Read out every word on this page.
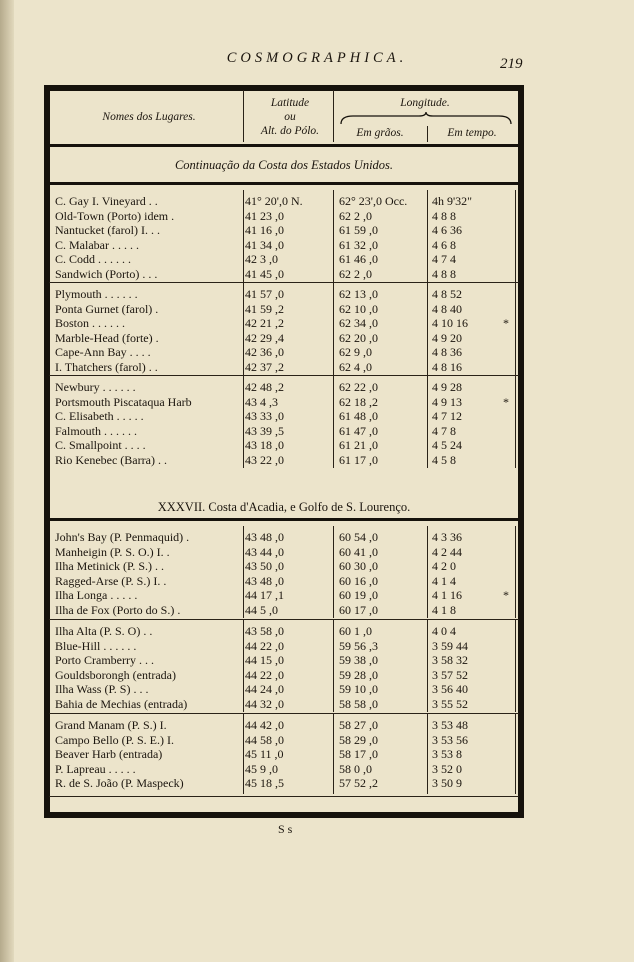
COSMOGRAPHICA.	219
Nomes dos Lugares.
Latitude
ou
Alt. do Pólo.
Longitude.
Em grãos.	Em tempo.
Continuação da Costa dos Estados Unidos.
XXXVII. Costa d'Acadia, e Golfo de S. Lourenço.
C. Gay I. Vineyard . .	41° 20',0 N.	62° 23',0 Occ. 4h 9'32"
Old-Town (Porto) idem .	41 23 ,0	62 2 ,0	4 8 8
Nantucket (farol) I. . .	41 16 ,0	61 59 ,0	4 6 36
C. Malabar . . . . .	41 34 ,0	61 32 ,0	4 6 8
C. Codd . . . . . .	42 3 ,0	61 46 ,0	4 7 4
Sandwich (Porto) . . .	41 45 ,0	62 2 ,0	4 8 8
Plymouth . . . . . .	41 57 ,0	62 13 ,0	4 8 52
Ponta Gurnet (farol) .	41 59 ,2	62 10 ,0	4 8 40
Boston . . . . . .	42 21 ,2	62 34 ,0	4 10 16	*
Marble-Head (forte) .	42 29 ,4	62 20 ,0	4 9 20
Cape-Ann Bay . . . .	42 36 ,0	62 9 ,0	4 8 36
I. Thatchers (farol) . .	42 37 ,2	62 4 ,0	4 8 16
Newbury . . . . . .	42 48 ,2	62 22 ,0	4 9 28
Portsmouth Piscataqua Harb	43 4 ,3	62 18 ,2	4 9 13	*
C. Elisabeth . . . . .	43 33 ,0	61 48 ,0	4 7 12
Falmouth . . . . . .	43 39 ,5	61 47 ,0	4 7 8
C. Smallpoint . . . .	43 18 ,0	61 21 ,0	4 5 24
Rio Kenebec (Barra) . .	43 22 ,0	61 17 ,0	4 5 8
John's Bay (P. Penmaquid) .	43 48 ,0	60 54 ,0	4 3 36
Manheigin (P. S. O.) I. .	43 44 ,0	60 41 ,0	4 2 44
Ilha Metinick (P. S.) . .	43 50 ,0	60 30 ,0	4 2 0
Ragged-Arse (P. S.) I. .	43 48 ,0	60 16 ,0	4 1 4
Ilha Longa . . . . .	44 17 ,1	60 19 ,0	4 1 16	*
Ilha de Fox (Porto do S.) .	44 5 ,0	60 17 ,0	4 1 8
Ilha Alta (P. S. O) . .	43 58 ,0	60 1 ,0	4 0 4
Blue-Hill . . . . . .	44 22 ,0	59 56 ,3	3 59 44
Porto Cramberry . . .	44 15 ,0	59 38 ,0	3 58 32
Gouldsborongh (entrada)	44 22 ,0	59 28 ,0	3 57 52
Ilha Wass (P. S) . . .	44 24 ,0	59 10 ,0	3 56 40
Bahia de Mechias (entrada)	44 32 ,0	58 58 ,0	3 55 52
Grand Manam (P. S.) I.	44 42 ,0	58 27 ,0	3 53 48
Campo Bello (P. S. E.) I.	44 58 ,0	58 29 ,0	3 53 56
Beaver Harb (entrada)	45 11 ,0	58 17 ,0	3 53 8
P. Lapreau . . . . .	45 9 ,0	58 0 ,0	3 52 0
R. de S. João (P. Maspeck)	45 18 ,5	57 52 ,2	3 50 9
S s
